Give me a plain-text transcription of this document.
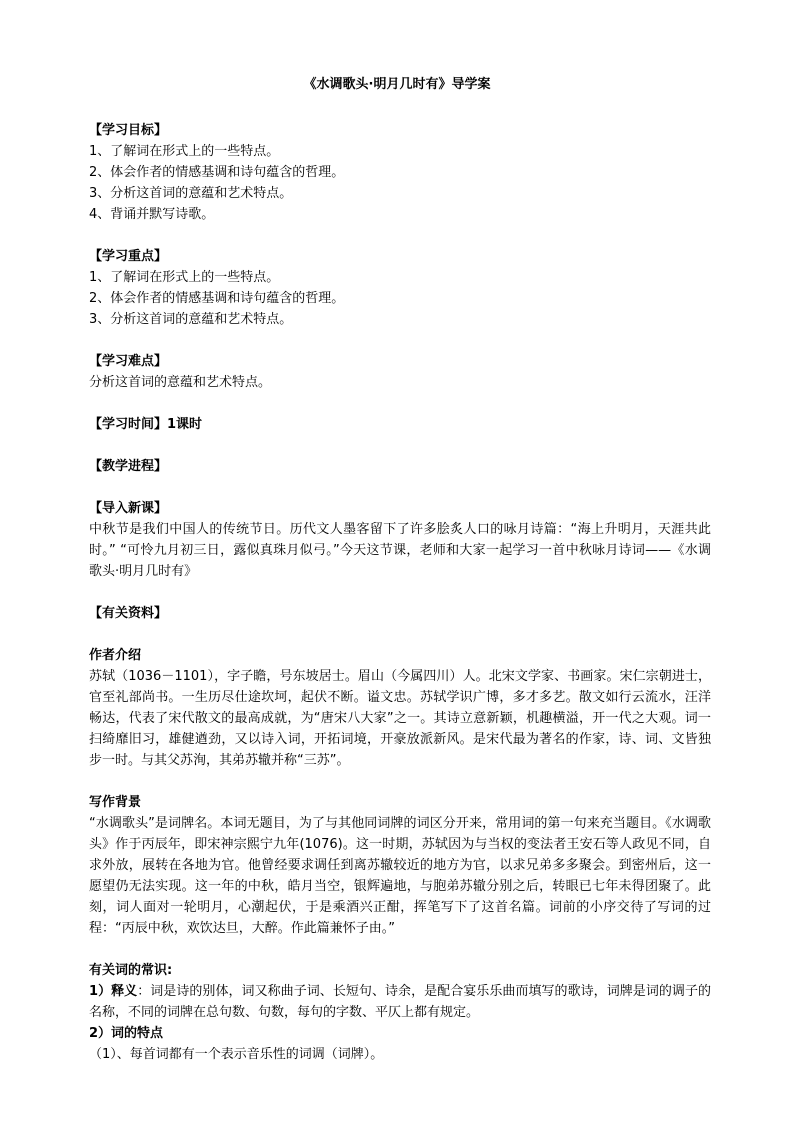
《水调歌头·明月几时有》导学案

【学习目标】

1、了解词在形式上的一些特点。

2、体会作者的情感基调和诗句蕴含的哲理。

3、分析这首词的意蕴和艺术特点。

4、背诵并默写诗歌。

【学习重点】

1、了解词在形式上的一些特点。

2、体会作者的情感基调和诗句蕴含的哲理。

3、分析这首词的意蕴和艺术特点。

【学习难点】

分析这首词的意蕴和艺术特点。

【学习时间】1课时

【教学进程】

【导入新课】

中秋节是我们中国人的传统节日。历代文人墨客留下了许多脍炙人口的咏月诗篇：“海上升明月，天涯共此时。” “可怜九月初三日，露似真珠月似弓。”今天这节课，老师和大家一起学习一首中秋咏月诗词——《水调歌头·明月几时有》

【有关资料】

作者介绍

苏轼（1036－1101），字子瞻，号东坡居士。眉山（今属四川）人。北宋文学家、书画家。宋仁宗朝进士，官至礼部尚书。一生历尽仕途坎坷，起伏不断。谥文忠。苏轼学识广博，多才多艺。散文如行云流水，汪洋畅达，代表了宋代散文的最高成就，为“唐宋八大家”之一。其诗立意新颖，机趣横溢，开一代之大观。词一扫绮靡旧习，雄健遒劲，又以诗入词，开拓词境，开豪放派新风。是宋代最为著名的作家，诗、词、文皆独步一时。与其父苏洵，其弟苏辙并称“三苏”。

写作背景

“水调歌头”是词牌名。本词无题目，为了与其他同词牌的词区分开来，常用词的第一句来充当题目。《水调歌头》作于丙辰年，即宋神宗熙宁九年(1076)。这一时期，苏轼因为与当权的变法者王安石等人政见不同，自求外放，展转在各地为官。他曾经要求调任到离苏辙较近的地方为官，以求兄弟多多聚会。到密州后，这一愿望仍无法实现。这一年的中秋，皓月当空，银辉遍地，与胞弟苏辙分别之后，转眼已七年未得团聚了。此刻，词人面对一轮明月，心潮起伏，于是乘酒兴正酣，挥笔写下了这首名篇。词前的小序交待了写词的过程：“丙辰中秋，欢饮达旦，大醉。作此篇兼怀子由。”

有关词的常识:

1）释义：词是诗的别体，词又称曲子词、长短句、诗余，是配合宴乐乐曲而填写的歌诗，词牌是词的调子的名称，不同的词牌在总句数、句数，每句的字数、平仄上都有规定。

2）词的特点

（1）、每首词都有一个表示音乐性的词调（词牌）。
